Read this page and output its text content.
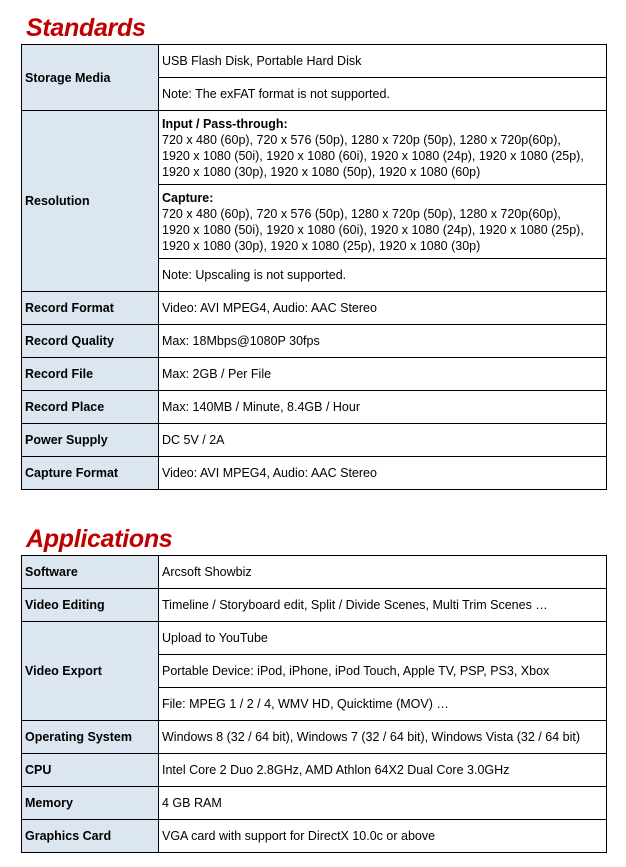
Standards
Storage Media	USB Flash Disk, Portable Hard Disk
	Note: The exFAT format is not supported.
Resolution	Input / Pass-through:
720 x 480 (60p), 720 x 576 (50p), 1280 x 720p (50p), 1280 x 720p(60p),
1920 x 1080 (50i), 1920 x 1080 (60i), 1920 x 1080 (24p), 1920 x 1080 (25p),
1920 x 1080 (30p), 1920 x 1080 (50p), 1920 x 1080 (60p)

	Capture:
720 x 480 (60p), 720 x 576 (50p), 1280 x 720p (50p), 1280 x 720p(60p),
1920 x 1080 (50i), 1920 x 1080 (60i), 1920 x 1080 (24p), 1920 x 1080 (25p),
1920 x 1080 (30p), 1920 x 1080 (25p), 1920 x 1080 (30p)

	Note: Upscaling is not supported.
Record Format	Video: AVI MPEG4, Audio: AAC Stereo
Record Quality	Max: 18Mbps@1080P 30fps
Record File	Max: 2GB / Per File
Record Place	Max: 140MB / Minute, 8.4GB / Hour
Power Supply	DC 5V / 2A
Capture Format	Video: AVI MPEG4, Audio: AAC Stereo
Applications
Software	Arcsoft Showbiz
Video Editing	Timeline / Storyboard edit, Split / Divide Scenes, Multi Trim Scenes …
Video Export	Upload to YouTube
	Portable Device: iPod, iPhone, iPod Touch, Apple TV, PSP, PS3, Xbox
	File: MPEG 1 / 2 / 4, WMV HD, Quicktime (MOV) …
Operating System	Windows 8 (32 / 64 bit), Windows 7 (32 / 64 bit), Windows Vista (32 / 64 bit)
CPU	Intel Core 2 Duo 2.8GHz, AMD Athlon 64X2 Dual Core 3.0GHz
Memory	4 GB RAM
Graphics Card	VGA card with support for DirectX 10.0c or above
